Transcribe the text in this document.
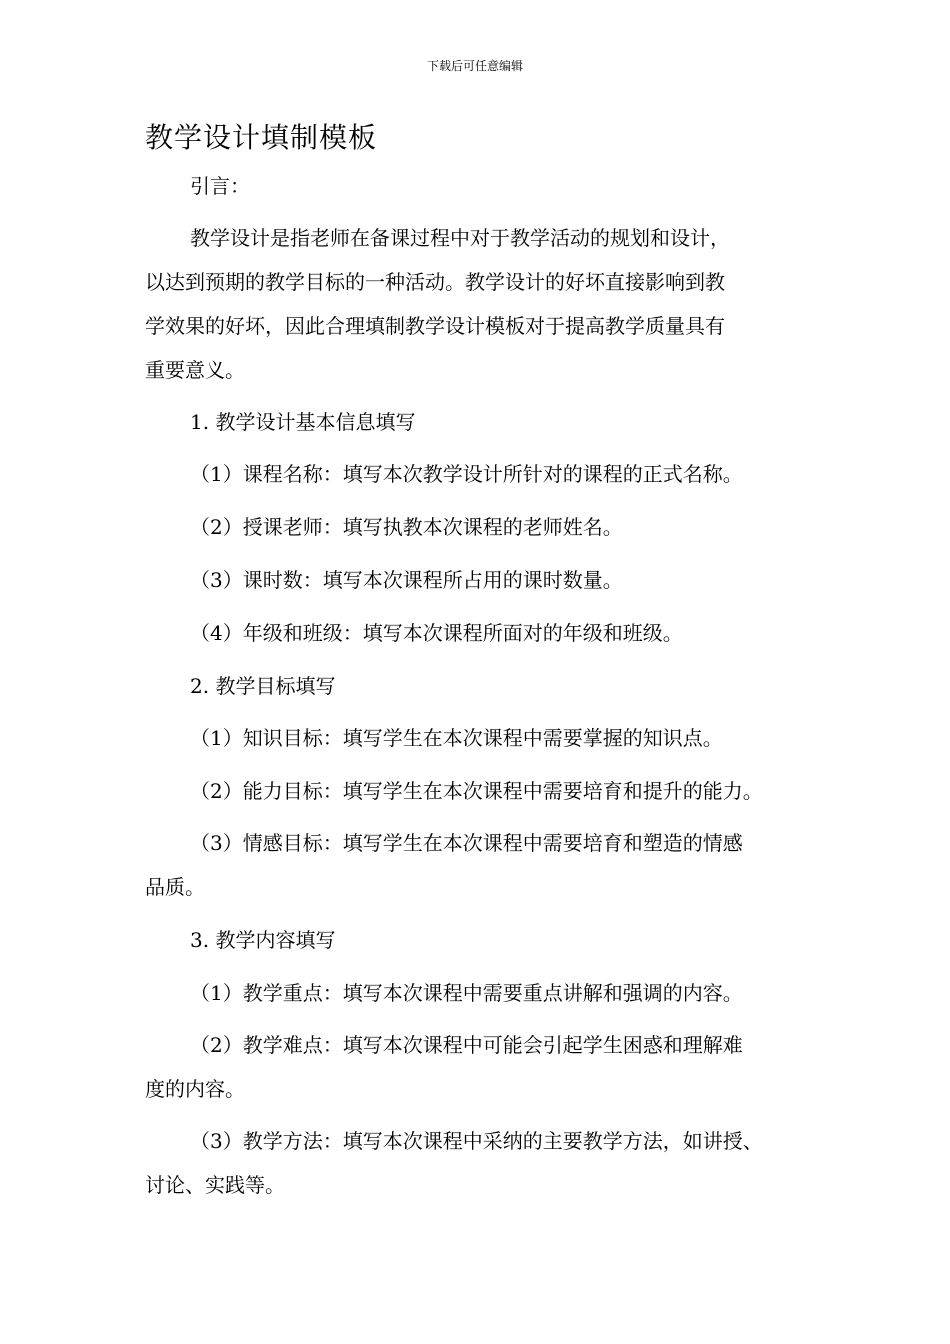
下载后可任意编辑
教学设计填制模板
引言：
教学设计是指老师在备课过程中对于教学活动的规划和设计，
以达到预期的教学目标的一种活动。教学设计的好坏直接影响到教
学效果的好坏，因此合理填制教学设计模板对于提高教学质量具有
重要意义。
1. 教学设计基本信息填写
（1）课程名称：填写本次教学设计所针对的课程的正式名称。
（2）授课老师：填写执教本次课程的老师姓名。
（3）课时数：填写本次课程所占用的课时数量。
（4）年级和班级：填写本次课程所面对的年级和班级。
2. 教学目标填写
（1）知识目标：填写学生在本次课程中需要掌握的知识点。
（2）能力目标：填写学生在本次课程中需要培育和提升的能力。
（3）情感目标：填写学生在本次课程中需要培育和塑造的情感
品质。
3. 教学内容填写
（1）教学重点：填写本次课程中需要重点讲解和强调的内容。
（2）教学难点：填写本次课程中可能会引起学生困惑和理解难
度的内容。
（3）教学方法：填写本次课程中采纳的主要教学方法，如讲授、
讨论、实践等。
